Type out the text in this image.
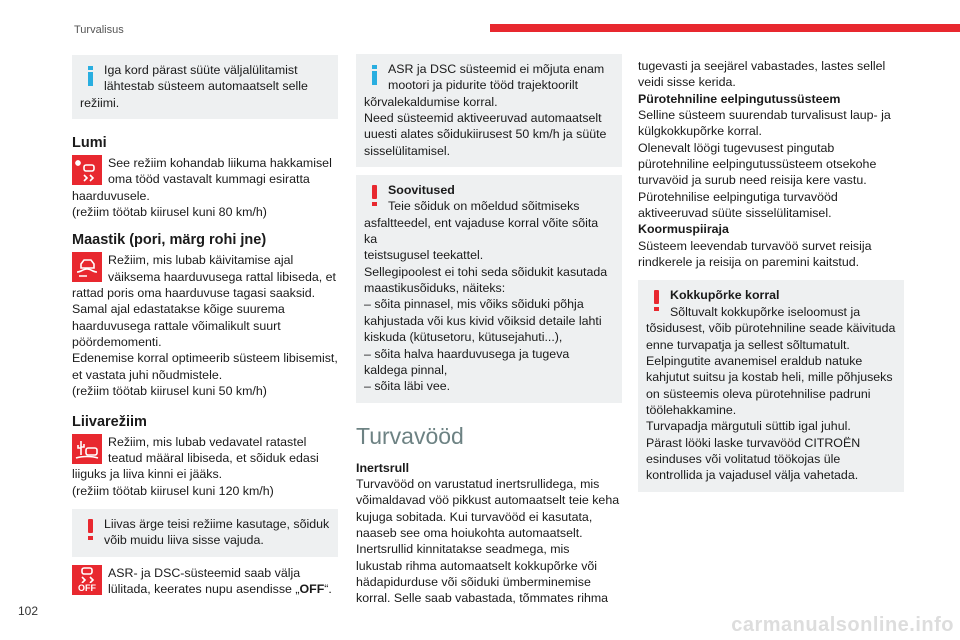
Turvalisus
102
carmanualsonline.info
Iga kord pärast süüte väljalülitamist
lähtestab süsteem automaatselt selle
režiimi.
Lumi
See režiim kohandab liikuma hakkamisel
oma tööd vastavalt kummagi esiratta
haarduvusele.
(režiim töötab kiirusel kuni 80 km/h)
Maastik (pori, märg rohi jne)
Režiim, mis lubab käivitamise ajal
väiksema haarduvusega rattal libiseda, et
rattad poris oma haarduvuse tagasi saaksid.
Samal ajal edastatakse kõige suurema
haarduvusega rattale võimalikult suurt
pöördemomenti.
Edenemise korral optimeerib süsteem libisemist,
et vastata juhi nõudmistele.
(režiim töötab kiirusel kuni 50 km/h)
Liivarežiim
Režiim, mis lubab vedavatel ratastel
teatud määral libiseda, et sõiduk edasi
liiguks ja liiva kinni ei jääks.
(režiim töötab kiirusel kuni 120 km/h)
Liivas ärge teisi režiime kasutage, sõiduk
võib muidu liiva sisse vajuda.
OFF
ASR- ja DSC-süsteemid saab välja
lülitada, keerates nupu asendisse „OFF“.
ASR ja DSC süsteemid ei mõjuta enam
mootori ja pidurite tööd trajektoorilt
kõrvalekaldumise korral.
Need süsteemid aktiveeruvad automaatselt
uuesti alates sõidukiirusest 50 km/h ja süüte
sisselülitamisel.
Soovitused
Teie sõiduk on mõeldud sõitmiseks
asfaltteedel, ent vajaduse korral võite sõita ka
teistsugusel teekattel.
Sellegipoolest ei tohi seda sõidukit kasutada
maastikusõiduks, näiteks:
– sõita pinnasel, mis võiks sõiduki põhja
kahjustada või kus kivid võiksid detaile lahti
kiskuda (kütusetoru, kütusejahuti...),
– sõita halva haarduvusega ja tugeva
kaldega pinnal,
– sõita läbi vee.
Turvavööd
Inertsrull
Turvavööd on varustatud inertsrullidega, mis
võimaldavad vöö pikkust automaatselt teie keha
kujuga sobitada. Kui turvavööd ei kasutata,
naaseb see oma hoiukohta automaatselt.
Inertsrullid kinnitatakse seadmega, mis
lukustab rihma automaatselt kokkupõrke või
hädapidurduse või sõiduki ümberminemise
korral. Selle saab vabastada, tõmmates rihma
tugevasti ja seejärel vabastades, lastes sellel
veidi sisse kerida.
Pürotehniline eelpingutussüsteem
Selline süsteem suurendab turvalisust laup- ja
külgkokkupõrke korral.
Olenevalt löögi tugevusest pingutab
pürotehniline eelpingutussüsteem otsekohe
turvavöid ja surub need reisija kere vastu.
Pürotehnilise eelpingutiga turvavööd
aktiveeruvad süüte sisselülitamisel.
Koormuspiiraja
Süsteem leevendab turvavöö survet reisija
rindkerele ja reisija on paremini kaitstud.
Kokkupõrke korral
Sõltuvalt kokkupõrke iseloomust ja
tõsidusest, võib pürotehniline seade käivituda
enne turvapatja ja sellest sõltumatult.
Eelpingutite avanemisel eraldub natuke
kahjutut suitsu ja kostab heli, mille põhjuseks
on süsteemis oleva pürotehnilise padruni
töölehakkamine.
Turvapadja märgutuli süttib igal juhul.
Pärast lööki laske turvavööd CITROËN
esinduses või volitatud töökojas üle
kontrollida ja vajadusel välja vahetada.
